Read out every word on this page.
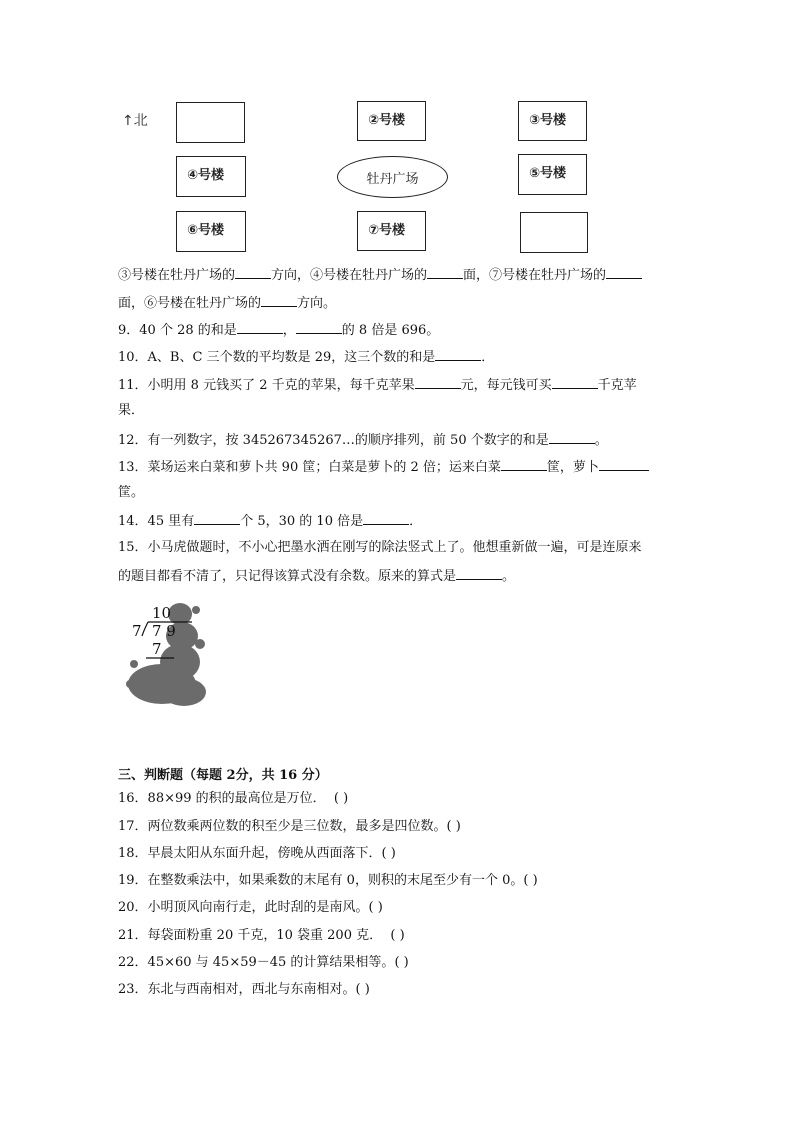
↑北	②号楼	③号楼
④号楼	牡丹广场	⑤号楼
⑥号楼	⑦号楼
③号楼在牡丹广场的	方向，④号楼在牡丹广场的	面，⑦号楼在牡丹广场的
面，⑥号楼在牡丹广场的	方向。
9．40 个 28 的和是	，	的 8 倍是 696。
10．A、B、C 三个数的平均数是 29，这三个数的和是	．
11．小明用 8 元钱买了 2 千克的苹果，每千克苹果	元，每元钱可买	千克苹
果．
12．有一列数字，按 345267345267…的顺序排列，前 50 个数字的和是	。
13．菜场运来白菜和萝卜共 90 筐；白菜是萝卜的 2 倍；运来白菜	筐，萝卜
筐。
14．45 里有	个 5，30 的 10 倍是	．
15．小马虎做题时，不小心把墨水洒在刚写的除法竖式上了。他想重新做一遍，可是连原来
的题目都看不清了，只记得该算式没有余数。原来的算式是	。
10
7 7 9
7
三、判断题（每题 2分，共 16 分）
16．88×99 的积的最高位是万位． ( )
17．两位数乘两位数的积至少是三位数，最多是四位数。( )
18．早晨太阳从东面升起，傍晚从西面落下．( )
19．在整数乘法中，如果乘数的末尾有 0，则积的末尾至少有一个 0。( )
20．小明顶风向南行走，此时刮的是南风。( )
21．每袋面粉重 20 千克，10 袋重 200 克． ( )
22．45×60 与 45×59－45 的计算结果相等。( )
23．东北与西南相对，西北与东南相对。( )
